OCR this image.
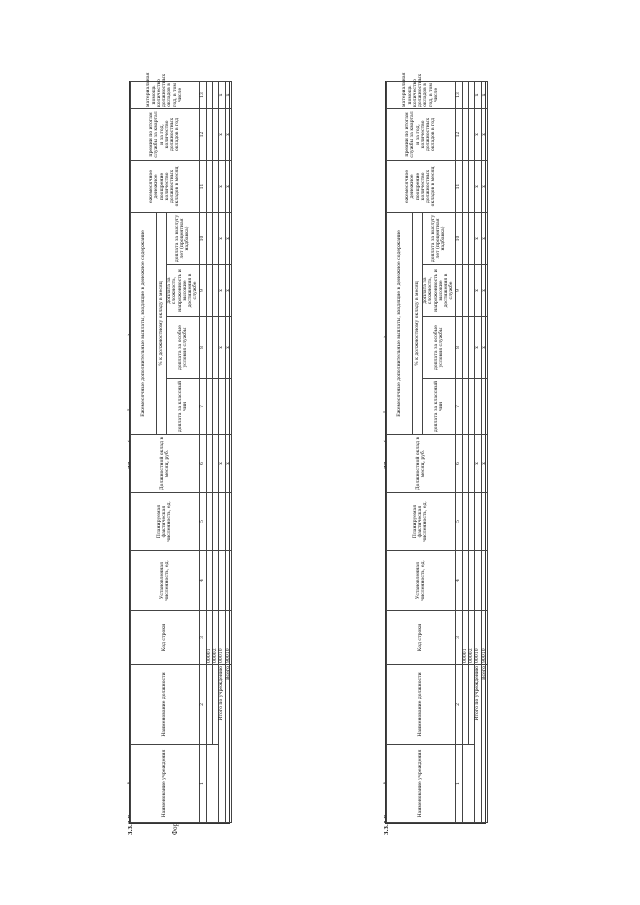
Наименование учреждения	Наименование должности	Код строки	Установленная численность, ед.	Планируемая фактическая численность, ед.	Должностной оклад в месяц, руб.	Ежемесячные дополнительные выплаты, входящие в денежное содержание				ежемесячное денежное поощрение количество должностных окладов в месяц	премии по итогам службы за квартал и за год, количество должностных окладов в год	материальная помощь количество должностных окладов в год, в том числе
						% к должностному окладу в месяц						
						доплата за классный чин	доплата за особые условия службы	доплата за сложность, напряженность и высокие достижения в службе	доплата за выслугу лет (процентная надбавка)			
1	2	3	4	5	6	7	8	9	10	11	12	13
		00001										
		00002										
Итого по учреждению		00010			x		x	x	x	x	x	x
Всего		90010			x		x	x	x	x	x	x
Наименование учреждения	Наименование должности	Код строки	Установленная численность, ед.	Планируемая фактическая численность, ед.	Должностной оклад в месяц, руб.	Ежемесячные дополнительные выплаты, входящие в денежное содержание				ежемесячное денежное поощрение количество должностных окладов в месяц	премии по итогам службы за квартал и за год, количество должностных окладов в год	материальная помощь количество должностных окладов в год, в том числе
						% к должностному окладу в месяц						
						доплата за классный чин	доплата за особые условия службы	доплата за сложность, напряженность и высокие достижения в службе	доплата за выслугу лет (процентная надбавка)			
1	2	3	4	5	6	7	8	9	10	11	12	13
		00001										
		00002										
Итого по учреждению		00010			x		x	x	x	x	x	x
Всего		90010			x		x	x	x	x	x	x
